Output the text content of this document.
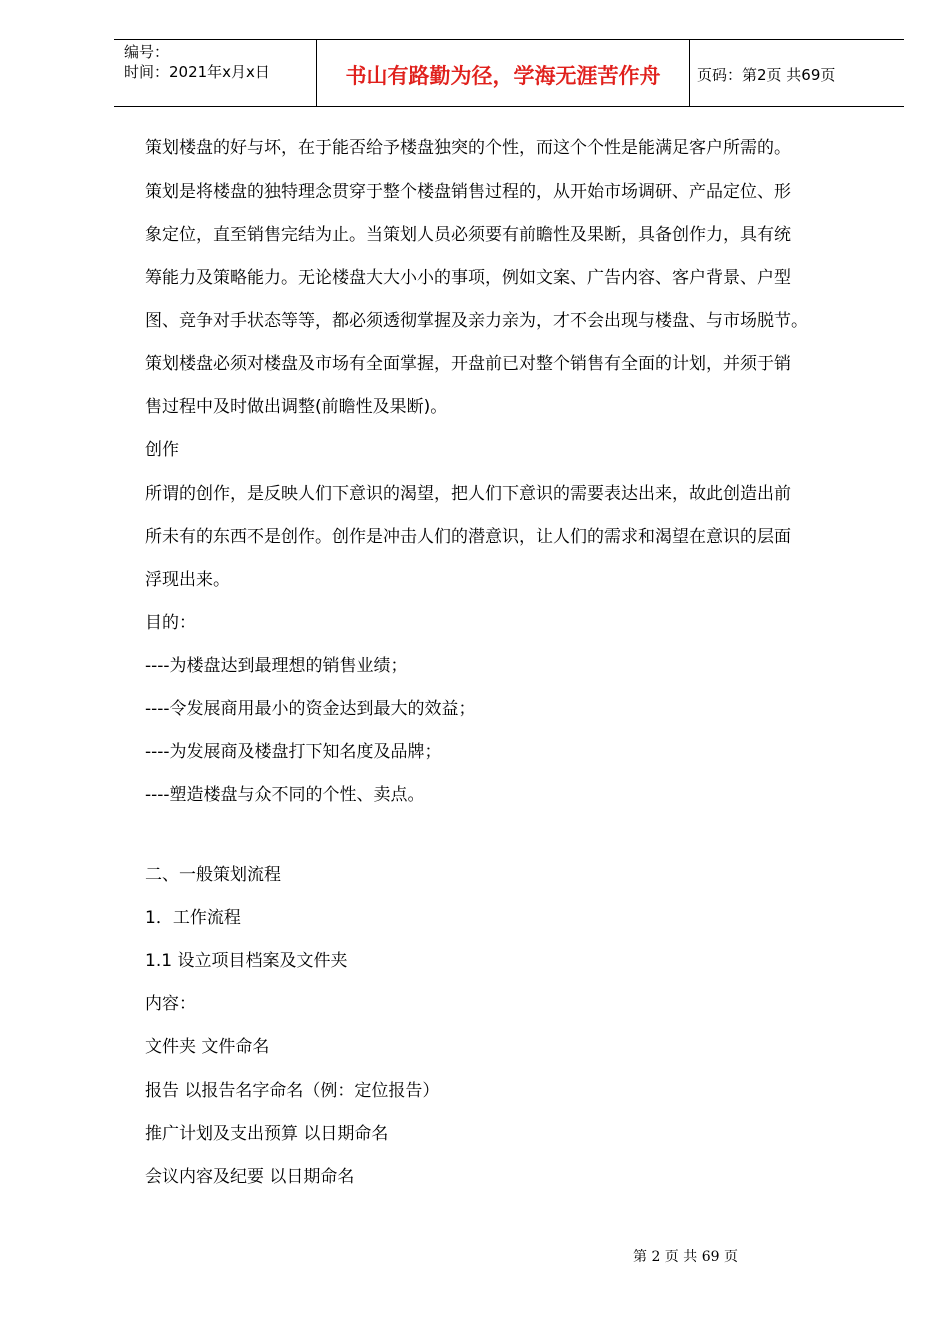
编号：
时间：2021年x月x日	书山有路勤为径，学海无涯苦作舟	页码：第2页 共69页
策划楼盘的好与坏，在于能否给予楼盘独突的个性，而这个个性是能满足客户所需的。
策划是将楼盘的独特理念贯穿于整个楼盘销售过程的，从开始市场调研、产品定位、形
象定位，直至销售完结为止。当策划人员必须要有前瞻性及果断，具备创作力，具有统
筹能力及策略能力。无论楼盘大大小小的事项，例如文案、广告内容、客户背景、户型
图、竞争对手状态等等，都必须透彻掌握及亲力亲为，才不会出现与楼盘、与市场脱节。
策划楼盘必须对楼盘及市场有全面掌握，开盘前已对整个销售有全面的计划，并须于销
售过程中及时做出调整(前瞻性及果断)。
创作
所谓的创作，是反映人们下意识的渴望，把人们下意识的需要表达出来，故此创造出前
所未有的东西不是创作。创作是冲击人们的潜意识，让人们的需求和渴望在意识的层面
浮现出来。
目的：
----为楼盘达到最理想的销售业绩；
----令发展商用最小的资金达到最大的效益；
----为发展商及楼盘打下知名度及品牌；
----塑造楼盘与众不同的个性、卖点。
二、一般策划流程
1．工作流程
1.1 设立项目档案及文件夹
内容：
文件夹 文件命名
报告 以报告名字命名（例：定位报告）
推广计划及支出预算 以日期命名
会议内容及纪要 以日期命名
第 2 页 共 69 页
